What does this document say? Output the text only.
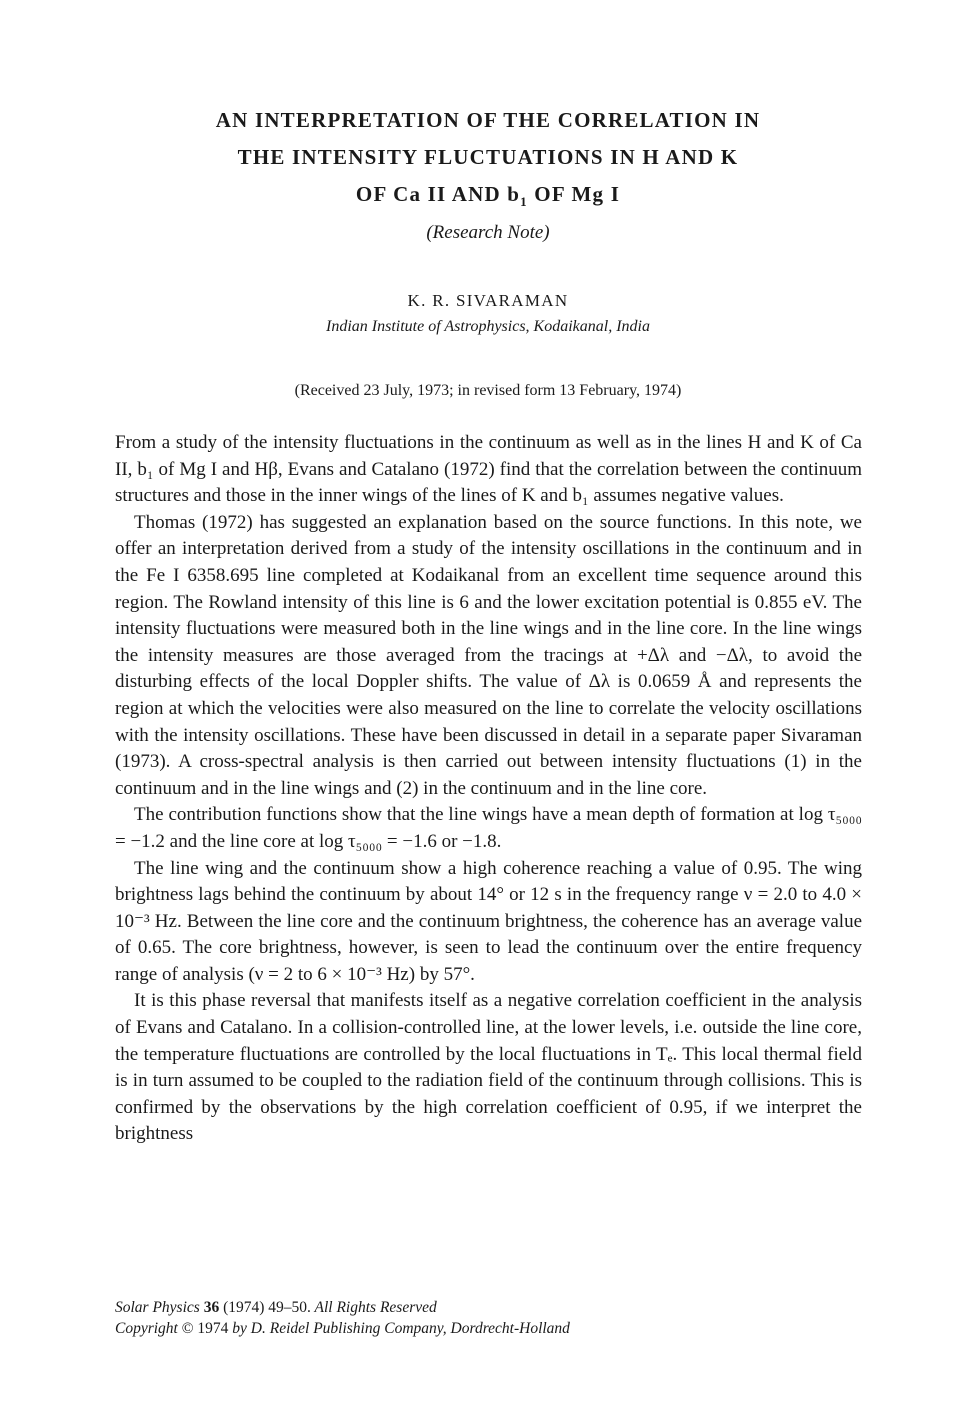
AN INTERPRETATION OF THE CORRELATION IN
THE INTENSITY FLUCTUATIONS IN H AND K
OF Ca II AND $b_1$ OF Mg I
(Research Note)
K. R. SIVARAMAN
Indian Institute of Astrophysics, Kodaikanal, India
(Received 23 July, 1973; in revised form 13 February, 1974)

From a study of the intensity fluctuations in the continuum as well as in the lines H and K of Ca II, b₁ of Mg I and Hβ, Evans and Catalano (1972) find that the correlation between the continuum structures and those in the inner wings of the lines of K and b₁ assumes negative values.

Thomas (1972) has suggested an explanation based on the source functions. In this note, we offer an interpretation derived from a study of the intensity oscillations in the continuum and in the Fe I 6358.695 line completed at Kodaikanal from an excellent time sequence around this region. The Rowland intensity of this line is 6 and the lower excitation potential is 0.855 eV. The intensity fluctuations were measured both in the line wings and in the line core. In the line wings the intensity measures are those averaged from the tracings at +Δλ and −Δλ, to avoid the disturbing effects of the local Doppler shifts. The value of Δλ is 0.0659 Å and represents the region at which the velocities were also measured on the line to correlate the velocity oscillations with the intensity oscillations. These have been discussed in detail in a separate paper Sivaraman (1973). A cross-spectral analysis is then carried out between intensity fluctuations (1) in the continuum and in the line wings and (2) in the continuum and in the line core.

The contribution functions show that the line wings have a mean depth of formation at log τ₅₀₀₀ = −1.2 and the line core at log τ₅₀₀₀ = −1.6 or −1.8.

The line wing and the continuum show a high coherence reaching a value of 0.95. The wing brightness lags behind the continuum by about 14° or 12 s in the frequency range ν = 2.0 to 4.0 × 10⁻³ Hz. Between the line core and the continuum brightness, the coherence has an average value of 0.65. The core brightness, however, is seen to lead the continuum over the entire frequency range of analysis (ν = 2 to 6 × 10⁻³ Hz) by 57°.

It is this phase reversal that manifests itself as a negative correlation coefficient in the analysis of Evans and Catalano. In a collision-controlled line, at the lower levels, i.e. outside the line core, the temperature fluctuations are controlled by the local fluctuations in Tₑ. This local thermal field is in turn assumed to be coupled to the radiation field of the continuum through collisions. This is confirmed by the observations by the high correlation coefficient of 0.95, if we interpret the brightness

Solar Physics 36 (1974) 49–50. All Rights Reserved
Copyright © 1974 by D. Reidel Publishing Company, Dordrecht-Holland
